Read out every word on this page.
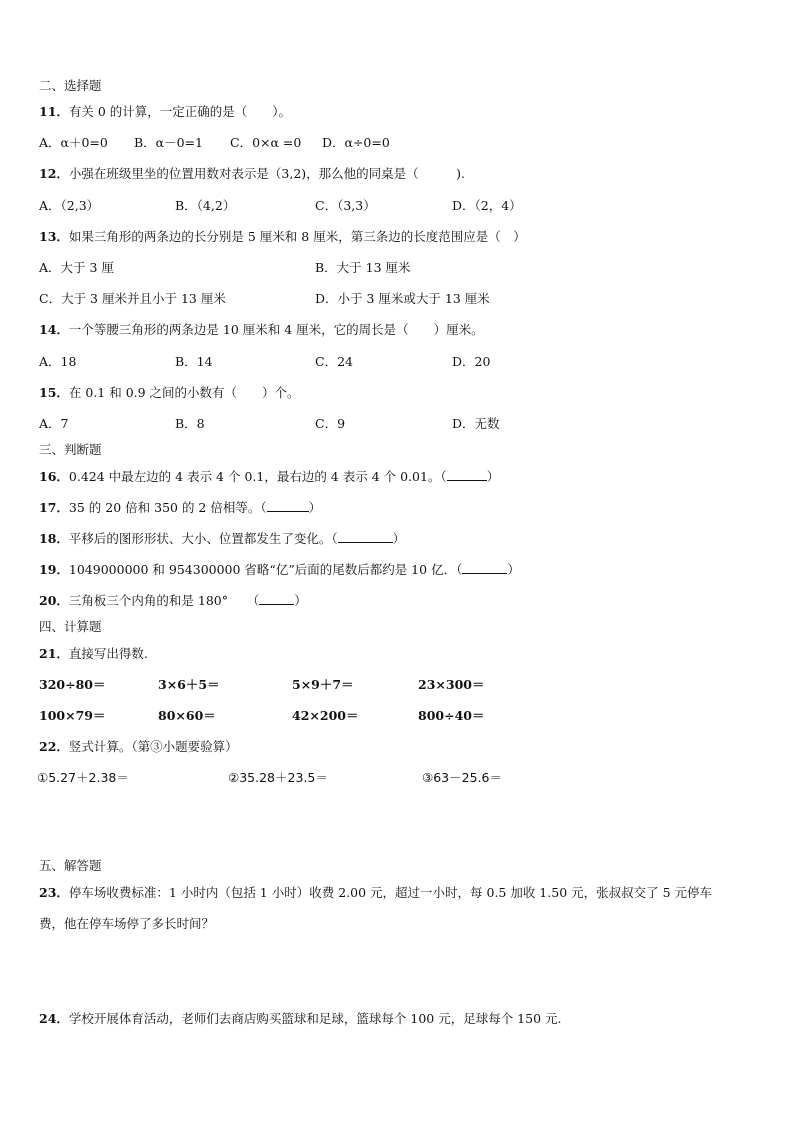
二、选择题
11．有关 0 的计算，一定正确的是（　　）。
A．α＋0=0 B．α－0=1 C．0×α =0 D．α÷0=0
12．小强在班级里坐的位置用数对表示是（3,2)，那么他的同桌是（　　　).
A．（2,3）	B．（4,2）	C．（3,3）	D．（2，4）
13．如果三角形的两条边的长分别是 5 厘米和 8 厘米，第三条边的长度范围应是（　）
A．大于 3 厘	B．大于 13 厘米
C．大于 3 厘米并且小于 13 厘米	D．小于 3 厘米或大于 13 厘米
14．一个等腰三角形的两条边是 10 厘米和 4 厘米，它的周长是（　　）厘米。
A．18	B．14	C．24	D．20
15．在 0.1 和 0.9 之间的小数有（　　）个。
A．7	B．8	C．9	D．无数
三、判断题
16．0.424 中最左边的 4 表示 4 个 0.1，最右边的 4 表示 4 个 0.01。（	）
17．35 的 20 倍和 350 的 2 倍相等。（	）
18．平移后的图形形状、大小、位置都发生了变化。（	）
19．1049000000 和 954300000 省略“亿”后面的尾数后都约是 10 亿．（	）
20．三角板三个内角的和是 180°　　（	）
四、计算题
21．直接写出得数.
320÷80＝	3×6＋5＝	5×9＋7＝	23×300＝
100×79＝	80×60＝	42×200＝	800÷40＝
22．竖式计算。（第③小题要验算）
①5.27＋2.38＝	②35.28＋23.5＝	③63－25.6＝
五、解答题
23．停车场收费标准：1 小时内（包括 1 小时）收费 2.00 元，超过一小时，每 0.5 加收 1.50 元，张叔叔交了 5 元停车
费，他在停车场停了多长时间？
24．学校开展体育活动，老师们去商店购买篮球和足球，篮球每个 100 元，足球每个 150 元.
